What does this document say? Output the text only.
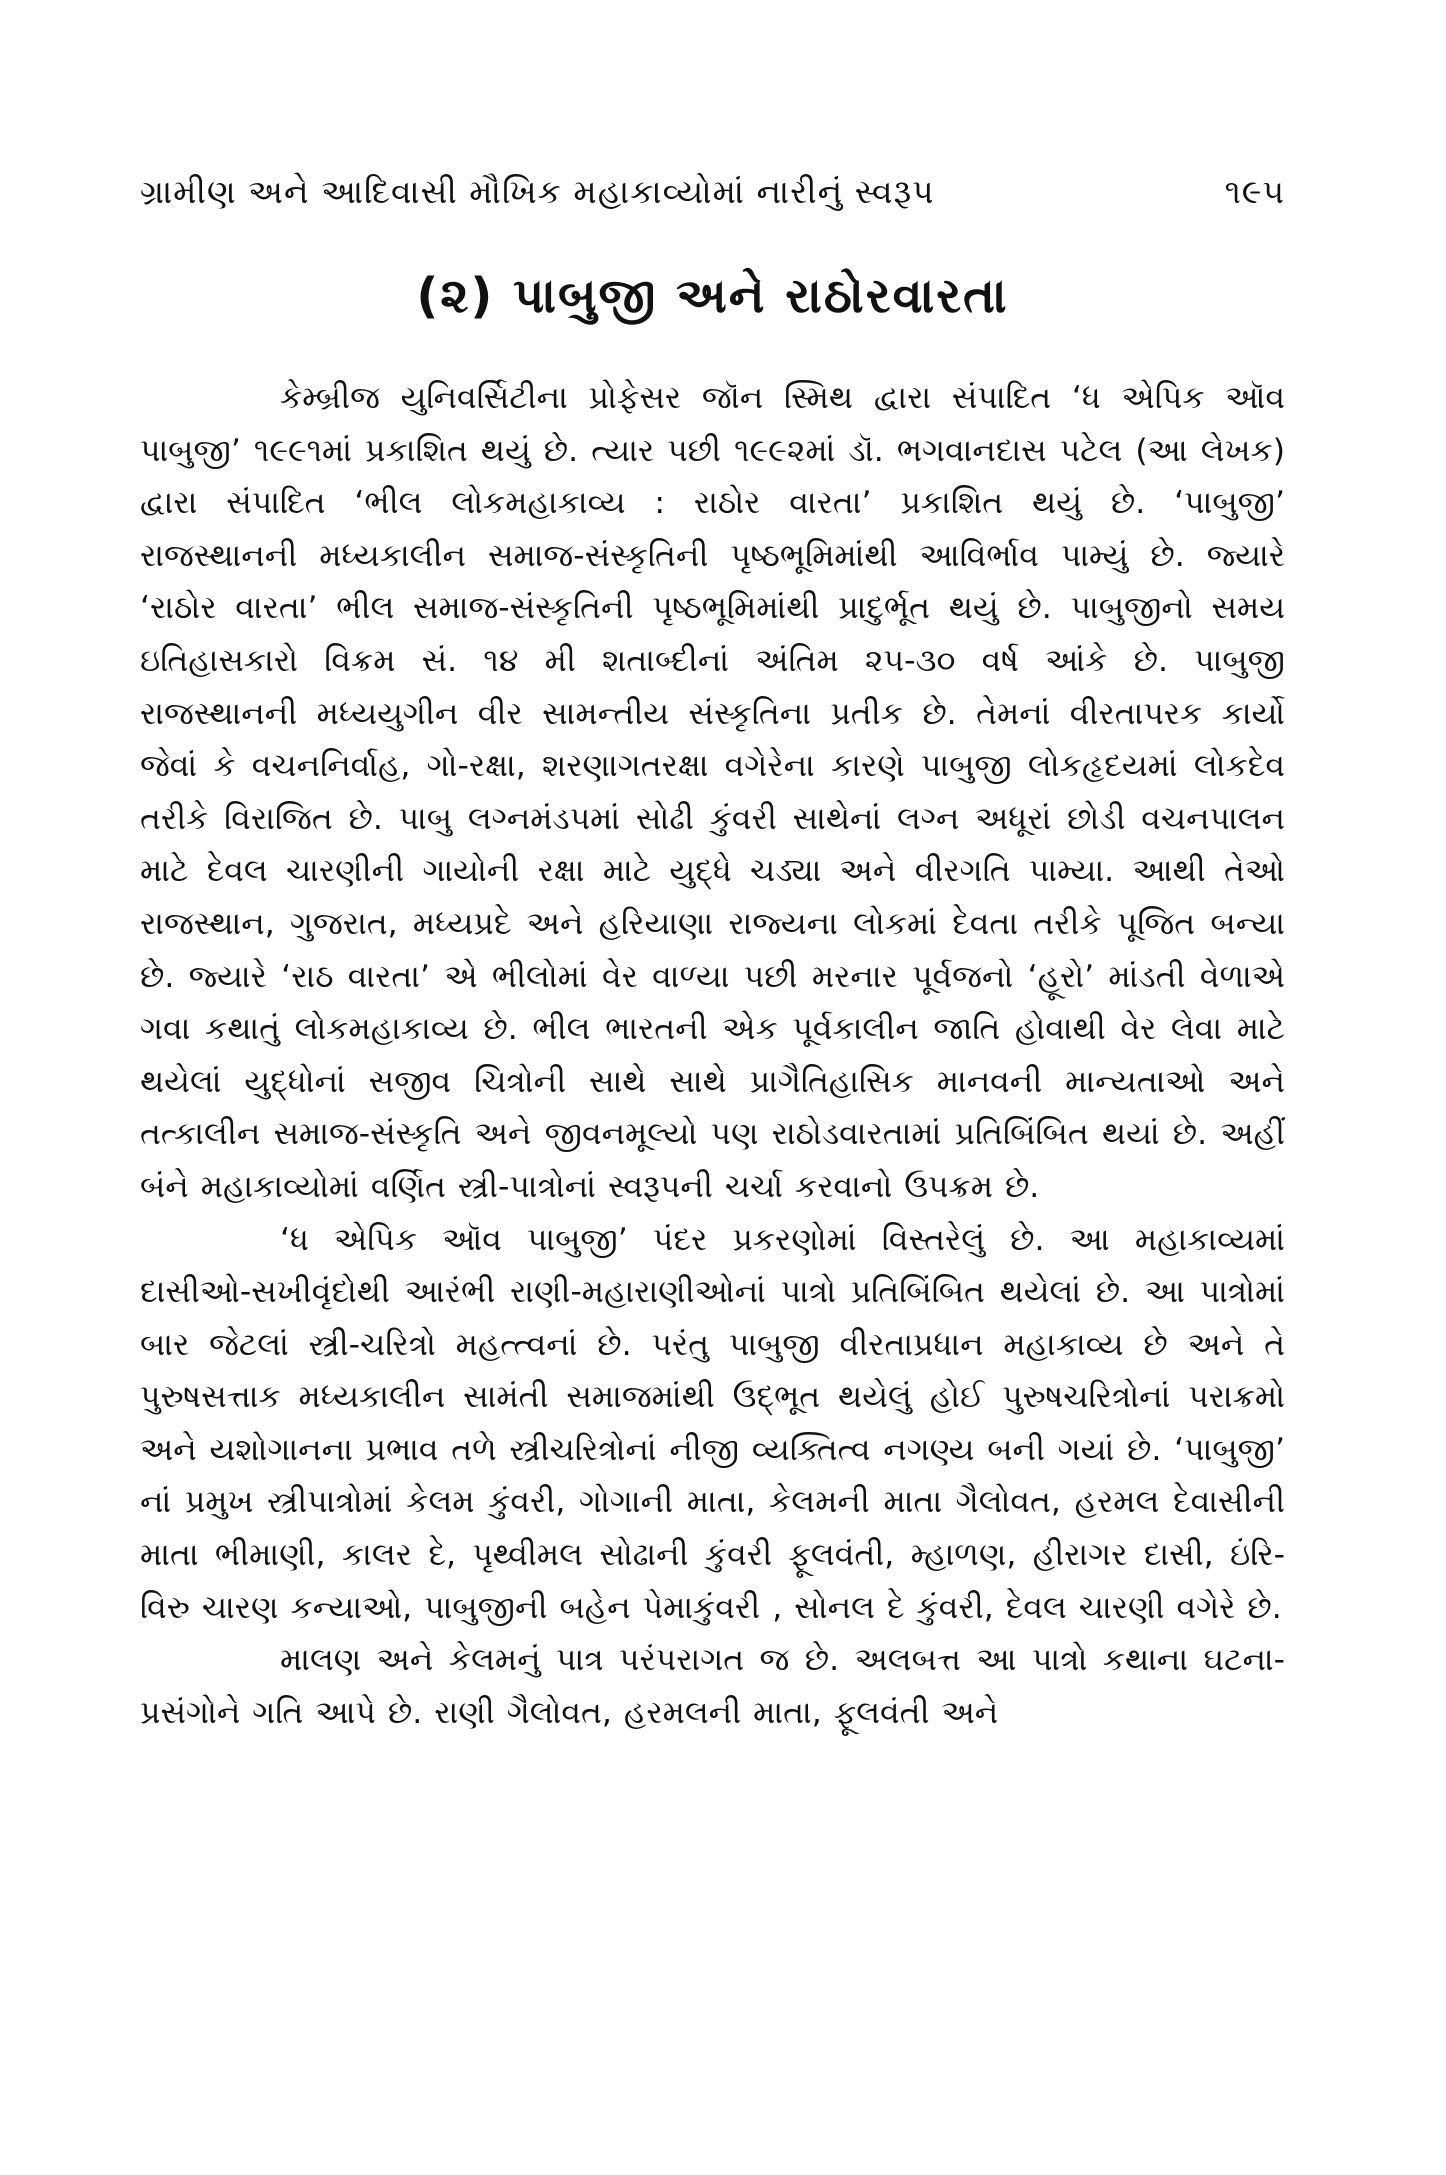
ગ્રામીણ અને આદિવાસી મૌખિક મહાકાવ્યોમાં નારીનું સ્વરૂપ	૧૯૫
(૨) પાબુજી અને રાઠોરવારતા

કેમ્બ્રીજ યુનિવર્સિટીના પ્રોફેસર જૉન સ્મિથ દ્વારા સંપાદિત ‘ધ એપિક ઑવ પાબુજી’ ૧૯૯૧માં પ્રકાશિત થયું છે. ત્યાર પછી ૧૯૯૨માં ડૉ. ભગવાનદાસ પટેલ (આ લેખક) દ્વારા સંપાદિત ‘ભીલ લોકમહાકાવ્ય : રાઠોર વારતા’ પ્રકાશિત થયું છે. ‘પાબુજી’ રાજસ્થાનની મધ્યકાલીન સમાજ-સંસ્કૃતિની પૃષ્ઠભૂમિમાંથી આવિર્ભાવ પામ્યું છે. જ્યારે ‘રાઠોર વારતા’ ભીલ સમાજ-સંસ્કૃતિની પૃષ્ઠભૂમિમાંથી પ્રાદુર્ભૂત થયું છે. પાબુજીનો સમય ઇતિહાસકારો વિક્રમ સં. ૧૪ મી શતાબ્દીનાં અંતિમ ૨૫-૩૦ વર્ષ આંકે છે. પાબુજી રાજસ્થાનની મધ્યયુગીન વીર સામન્તીય સંસ્કૃતિના પ્રતીક છે. તેમનાં વીરતાપરક કાર્યો જેવાં કે વચનનિર્વાહ, ગો-રક્ષા, શરણાગતરક્ષા વગેરેના કારણે પાબુજી લોકહૃદયમાં લોકદેવ તરીકે વિરાજિત છે. પાબુ લગ્નમંડપમાં સોઢી કુંવરી સાથેનાં લગ્ન અધૂરાં છોડી વચનપાલન માટે દેવલ ચારણીની ગાયોની રક્ષા માટે યુદ્ધે ચડ્યા અને વીરગતિ પામ્યા. આથી તેઓ રાજસ્થાન, ગુજરાત, મધ્યપ્રદે અને હરિયાણા રાજ્યના લોકમાં દેવતા તરીકે પૂજિત બન્યા છે. જ્યારે ‘રાઠ વારતા’ એ ભીલોમાં વેર વાળ્યા પછી મરનાર પૂર્વજનો ‘હૂરો’ માંડતી વેળાએ ગવા કથાતું લોકમહાકાવ્ય છે. ભીલ ભારતની એક પૂર્વકાલીન જાતિ હોવાથી વેર લેવા માટે થયેલાં યુદ્ધોનાં સજીવ ચિત્રોની સાથે સાથે પ્રાગૈતિહાસિક માનવની માન્યતાઓ અને તત્કાલીન સમાજ-સંસ્કૃતિ અને જીવનમૂલ્યો પણ રાઠોડવારતામાં પ્રતિબિંબિત થયાં છે. અહીં બંને મહાકાવ્યોમાં વર્ણિત સ્ત્રી-પાત્રોનાં સ્વરૂપની ચર્ચા કરવાનો ઉપક્રમ છે.

‘ધ એપિક ઑવ પાબુજી’ પંદર પ્રકરણોમાં વિસ્તરેલું છે. આ મહાકાવ્યમાં દાસીઓ-સખીવૃંદોથી આરંભી રાણી-મહારાણીઓનાં પાત્રો પ્રતિબિંબિત થયેલાં છે. આ પાત્રોમાં બાર જેટલાં સ્ત્રી-ચરિત્રો મહત્ત્વનાં છે. પરંતુ પાબુજી વીરતાપ્રધાન મહાકાવ્ય છે અને તે પુરુષસત્તાક મધ્યકાલીન સામંતી સમાજમાંથી ઉદ્ભૂત થયેલું હોઈ પુરુષચરિત્રોનાં પરાક્રમો અને યશોગાનના પ્રભાવ તળે સ્ત્રીચરિત્રોનાં નીજી વ્યક્તિત્વ નગણ્ય બની ગયાં છે. ‘પાબુજી’ નાં પ્રમુખ સ્ત્રીપાત્રોમાં કેલમ કુંવરી, ગોગાની માતા, કેલમની માતા ગૈલોવત, હરમલ દેવાસીની માતા ભીમાણી, કાલર દે, પૃથ્વીમલ સોઢાની કુંવરી ફૂલવંતી, મ્હાળણ, હીરાગર દાસી, ઇંરિ-વિરુ ચારણ કન્યાઓ, પાબુજીની બહેન પેમાકુંવરી , સોનલ દે કુંવરી, દેવલ ચારણી વગેરે છે.

માલણ અને કેલમનું પાત્ર પરંપરાગત જ છે. અલબત્ત આ પાત્રો કથાના ઘટના-પ્રસંગોને ગતિ આપે છે. રાણી ગૈલોવત, હરમલની માતા, ફૂલવંતી અને
